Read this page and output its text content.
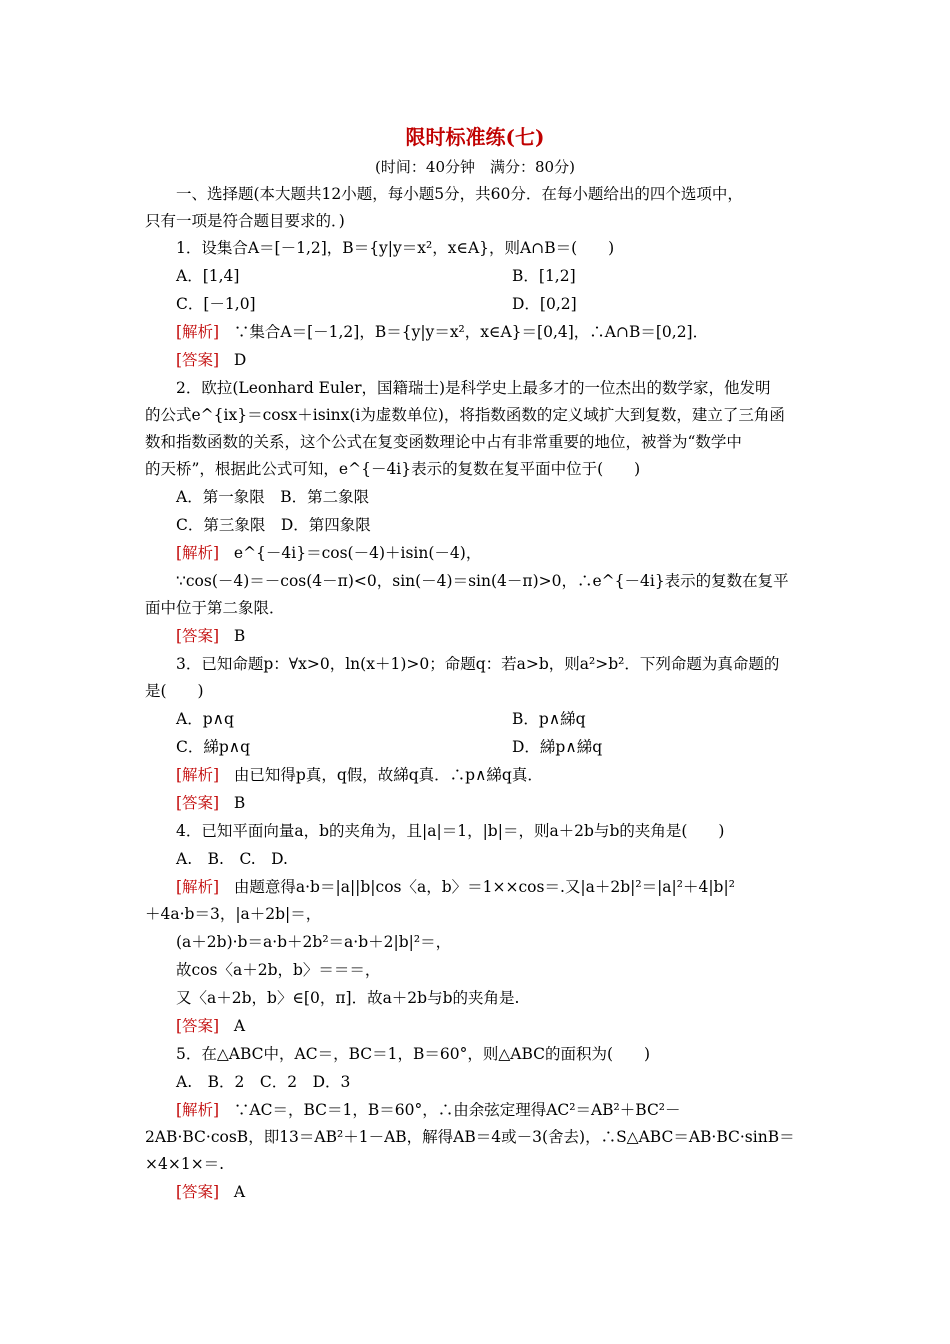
限时标准练(七)
(时间：40分钟　满分：80分)
一、选择题(本大题共12小题，每小题5分，共60分．在每小题给出的四个选项中，
只有一项是符合题目要求的．)
1．设集合A＝[－1,2]，B＝{y|y＝x²，x∈A}，则A∩B＝(　　)
A．[1,4]	B．[1,2]
C．[－1,0]	D．[0,2]
[解析] ∵集合A＝[－1,2]，B＝{y|y＝x²，x∈A}＝[0,4]，∴A∩B＝[0,2]．
[答案] D
2．欧拉(Leonhard Euler，国籍瑞士)是科学史上最多才的一位杰出的数学家，他发明
的公式e^{ix}＝cosx＋isinx(i为虚数单位)，将指数函数的定义域扩大到复数，建立了三角函
数和指数函数的关系，这个公式在复变函数理论中占有非常重要的地位，被誉为“数学中
的天桥”，根据此公式可知，e^{－4i}表示的复数在复平面中位于(　　)
A．第一象限　B．第二象限
C．第三象限　D．第四象限
[解析] e^{－4i}＝cos(－4)＋isin(－4)，
∵cos(－4)＝－cos(4－π)<0，sin(－4)＝sin(4－π)>0，∴e^{－4i}表示的复数在复平
面中位于第二象限．
[答案] B
3．已知命题p：∀x>0，ln(x＋1)>0；命题q：若a>b，则a²>b²．下列命题为真命题的
是(　　)
A．p∧q	B．p∧綈q
C．綈p∧q	D．綈p∧綈q
[解析] 由已知得p真，q假，故綈q真．∴p∧綈q真．
[答案] B
4．已知平面向量a，b的夹角为，且|a|＝1，|b|＝，则a＋2b与b的夹角是(　　)
A.　B.　C.　D.
[解析] 由题意得a·b＝|a||b|cos〈a，b〉＝1××cos＝.又|a＋2b|²＝|a|²＋4|b|²
＋4a·b＝3，|a＋2b|＝，
(a＋2b)·b＝a·b＋2b²＝a·b＋2|b|²＝，
故cos〈a＋2b，b〉＝＝＝，
又〈a＋2b，b〉∈[0，π]．故a＋2b与b的夹角是.
[答案] A
5．在△ABC中，AC＝，BC＝1，B＝60°，则△ABC的面积为(　　)
A.　B．2　C．2　D．3
[解析] ∵AC＝，BC＝1，B＝60°，∴由余弦定理得AC²＝AB²＋BC²－
2AB·BC·cosB，即13＝AB²＋1－AB，解得AB＝4或－3(舍去)，∴S△ABC＝AB·BC·sinB＝
×4×1×＝.
[答案] A
